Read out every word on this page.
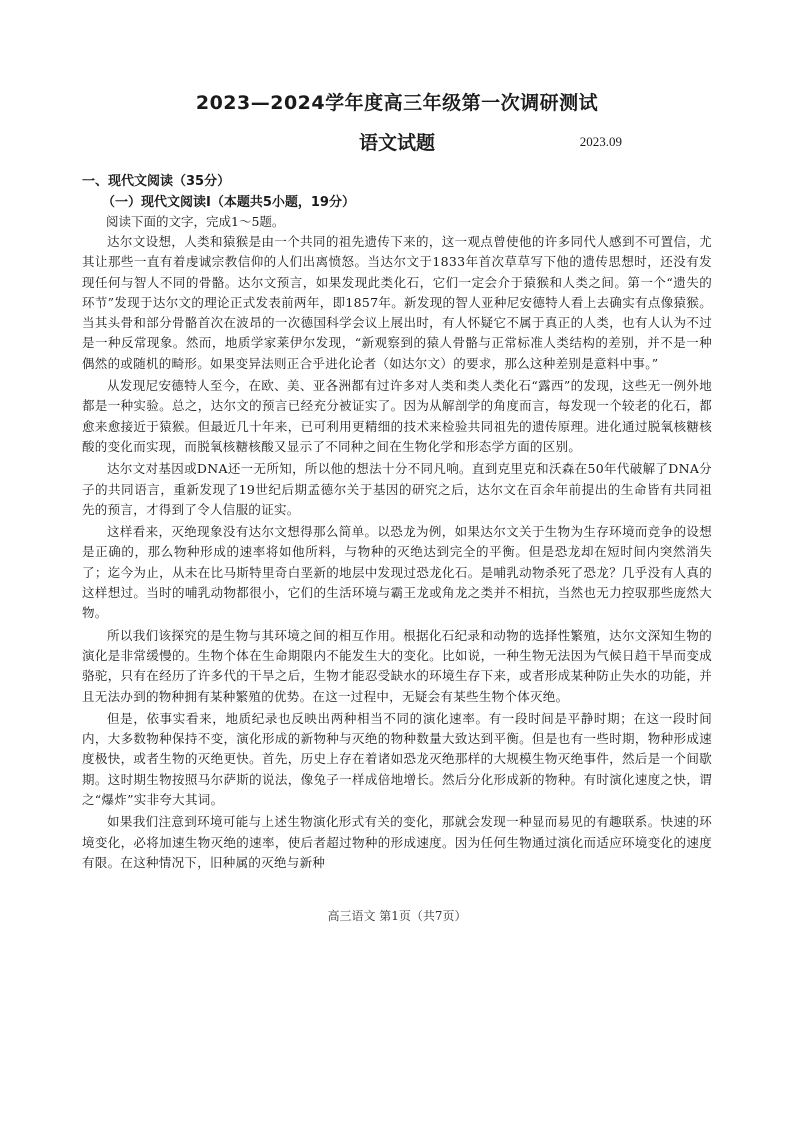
2023—2024学年度高三年级第一次调研测试
语文试题	2023.09

一、现代文阅读（35分）

（一）现代文阅读Ⅰ（本题共5小题，19分）

阅读下面的文字，完成1～5题。

达尔文设想，人类和猿猴是由一个共同的祖先遗传下来的，这一观点曾使他的许多同代人感到不可置信，尤其让那些一直有着虔诚宗教信仰的人们出离愤怒。当达尔文于1833年首次草草写下他的遗传思想时，还没有发现任何与智人不同的骨骼。达尔文预言，如果发现此类化石，它们一定会介于猿猴和人类之间。第一个“遗失的环节”发现于达尔文的理论正式发表前两年，即1857年。新发现的智人亚种尼安德特人看上去确实有点像猿猴。当其头骨和部分骨骼首次在波昂的一次德国科学会议上展出时，有人怀疑它不属于真正的人类，也有人认为不过是一种反常现象。然而，地质学家莱伊尔发现，“新观察到的猿人骨骼与正常标准人类结构的差别，并不是一种偶然的或随机的畸形。如果变异法则正合乎进化论者（如达尔文）的要求，那么这种差别是意料中事。”

从发现尼安德特人至今，在欧、美、亚各洲都有过许多对人类和类人类化石“露西”的发现，这些无一例外地都是一种实验。总之，达尔文的预言已经充分被证实了。因为从解剖学的角度而言，每发现一个较老的化石，都愈来愈接近于猿猴。但最近几十年来，已可利用更精细的技术来检验共同祖先的遗传原理。进化通过脱氧核糖核酸的变化而实现，而脱氧核糖核酸又显示了不同种之间在生物化学和形态学方面的区别。

达尔文对基因或DNA还一无所知，所以他的想法十分不同凡响。直到克里克和沃森在50年代破解了DNA分子的共同语言，重新发现了19世纪后期孟德尔关于基因的研究之后，达尔文在百余年前提出的生命皆有共同祖先的预言，才得到了令人信服的证实。

这样看来，灭绝现象没有达尔文想得那么简单。以恐龙为例，如果达尔文关于生物为生存环境而竞争的设想是正确的，那么物种形成的速率将如他所料，与物种的灭绝达到完全的平衡。但是恐龙却在短时间内突然消失了；迄今为止，从未在比马斯特里奇白垩新的地层中发现过恐龙化石。是哺乳动物杀死了恐龙？几乎没有人真的这样想过。当时的哺乳动物都很小，它们的生活环境与霸王龙或角龙之类并不相抗，当然也无力控驭那些庞然大物。

所以我们该探究的是生物与其环境之间的相互作用。根据化石纪录和动物的选择性繁殖，达尔文深知生物的演化是非常缓慢的。生物个体在生命期限内不能发生大的变化。比如说，一种生物无法因为气候日趋干旱而变成骆驼，只有在经历了许多代的干旱之后，生物才能忍受缺水的环境生存下来，或者形成某种防止失水的功能，并且无法办到的物种拥有某种繁殖的优势。在这一过程中，无疑会有某些生物个体灭绝。

但是，依事实看来，地质纪录也反映出两种相当不同的演化速率。有一段时间是平静时期；在这一段时间内，大多数物种保持不变，演化形成的新物种与灭绝的物种数量大致达到平衡。但是也有一些时期，物种形成速度极快，或者生物的灭绝更快。首先，历史上存在着诸如恐龙灭绝那样的大规模生物灭绝事件，然后是一个间歇期。这时期生物按照马尔萨斯的说法，像兔子一样成倍地增长。然后分化形成新的物种。有时演化速度之快，谓之“爆炸”实非夸大其词。

如果我们注意到环境可能与上述生物演化形式有关的变化，那就会发现一种显而易见的有趣联系。快速的环境变化，必将加速生物灭绝的速率，使后者超过物种的形成速度。因为任何生物通过演化而适应环境变化的速度有限。在这种情况下，旧种属的灭绝与新种

高三语文 第1页（共7页）
